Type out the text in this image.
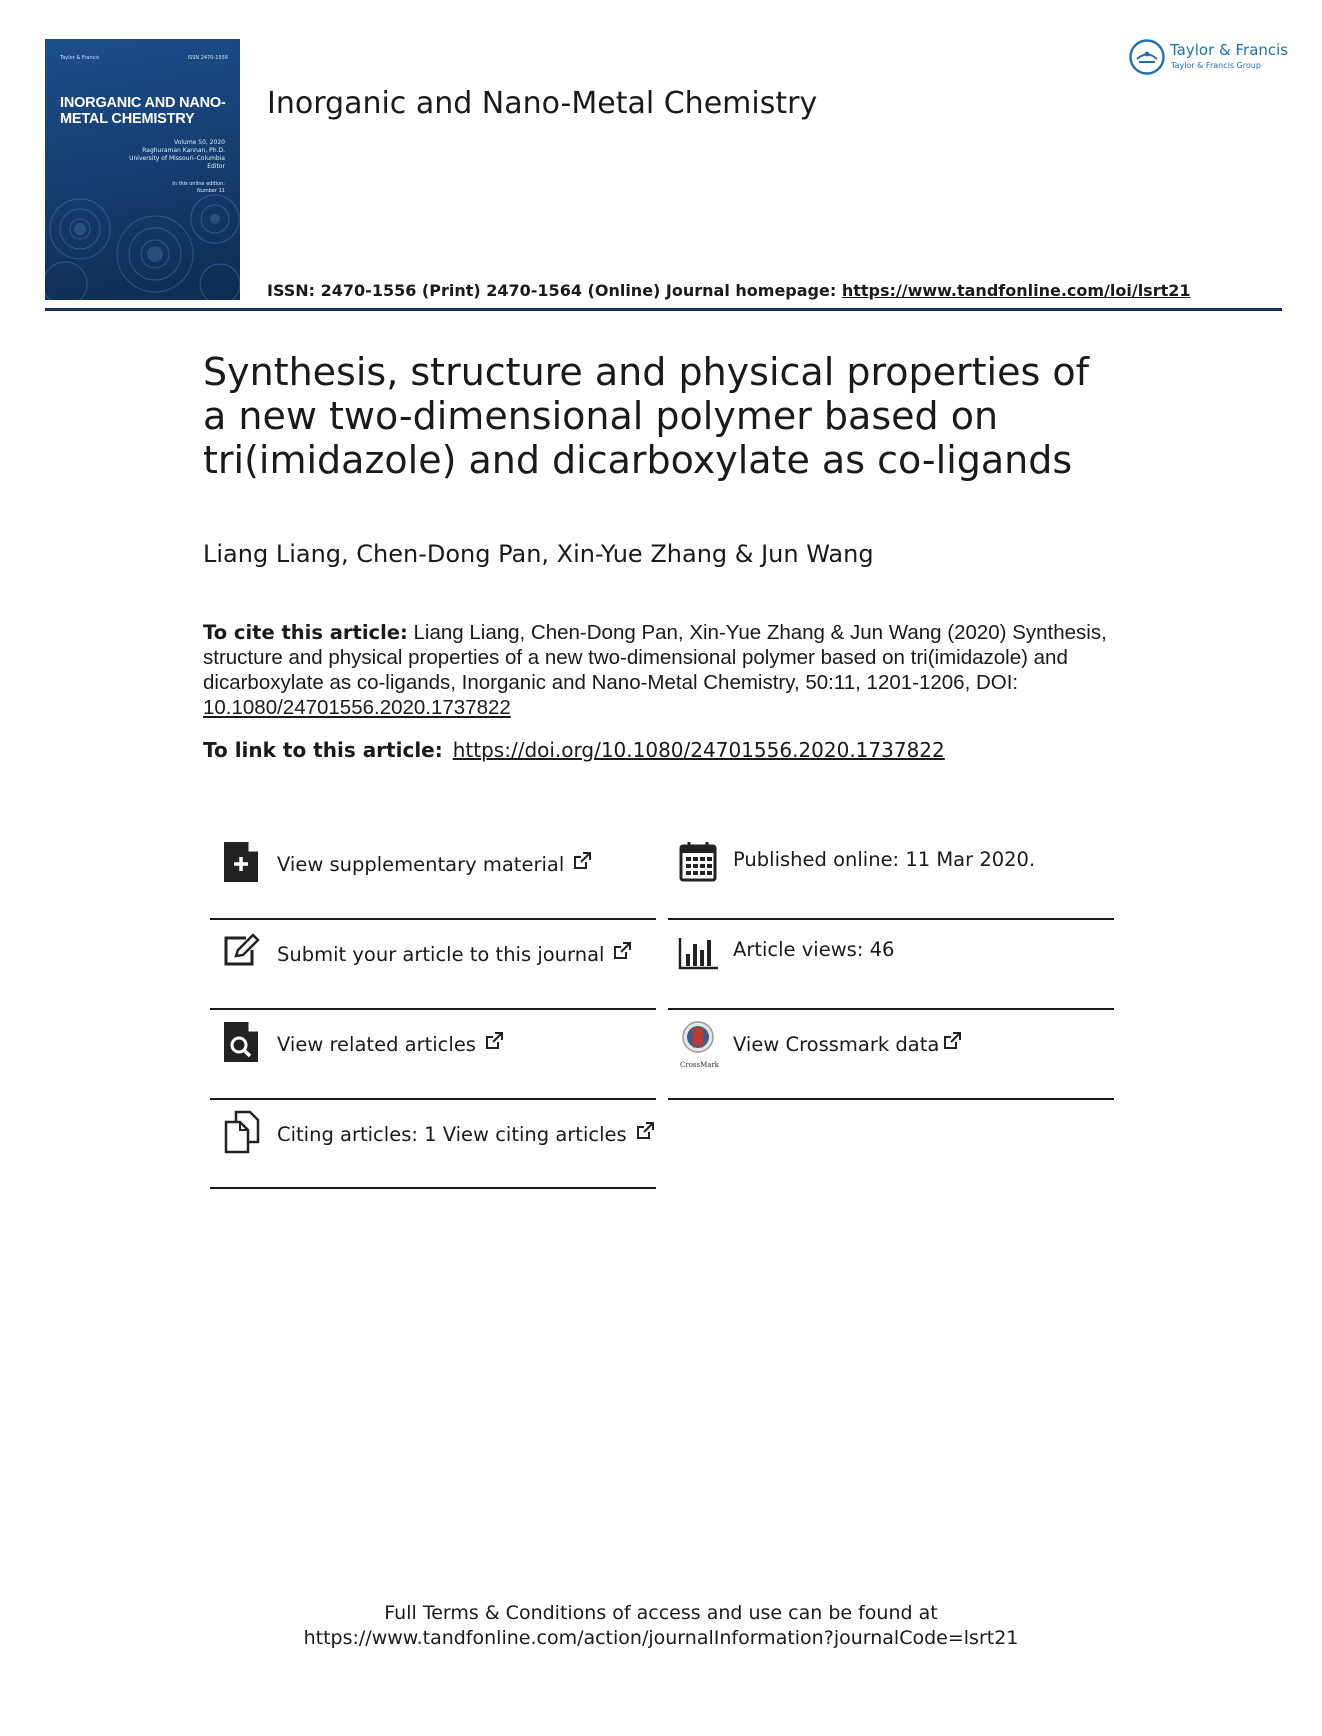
Taylor & Francis	ISSN 2470-1556
INORGANIC AND NANO-METAL CHEMISTRY
Volume 50, 2020
Raghuraman Kannan, Ph.D.
University of Missouri–Columbia
Editor
In this online edition:
Number 11
Inorganic and Nano-Metal Chemistry
ISSN: 2470-1556 (Print) 2470-1564 (Online) Journal homepage: https://www.tandfonline.com/loi/lsrt21
Taylor & Francis
Taylor & Francis Group
Synthesis, structure and physical properties of a new two-dimensional polymer based on tri(imidazole) and dicarboxylate as co-ligands
Liang Liang, Chen-Dong Pan, Xin-Yue Zhang & Jun Wang
To cite this article: Liang Liang, Chen-Dong Pan, Xin-Yue Zhang & Jun Wang (2020) Synthesis, structure and physical properties of a new two-dimensional polymer based on tri(imidazole) and dicarboxylate as co-ligands, Inorganic and Nano-Metal Chemistry, 50:11, 1201-1206, DOI: 10.1080/24701556.2020.1737822
To link to this article: https://doi.org/10.1080/24701556.2020.1737822
View supplementary material
Submit your article to this journal
View related articles
Citing articles: 1 View citing articles
Published online: 11 Mar 2020.
Article views: 46
CrossMark
View Crossmark data
Full Terms & Conditions of access and use can be found at
https://www.tandfonline.com/action/journalInformation?journalCode=lsrt21
